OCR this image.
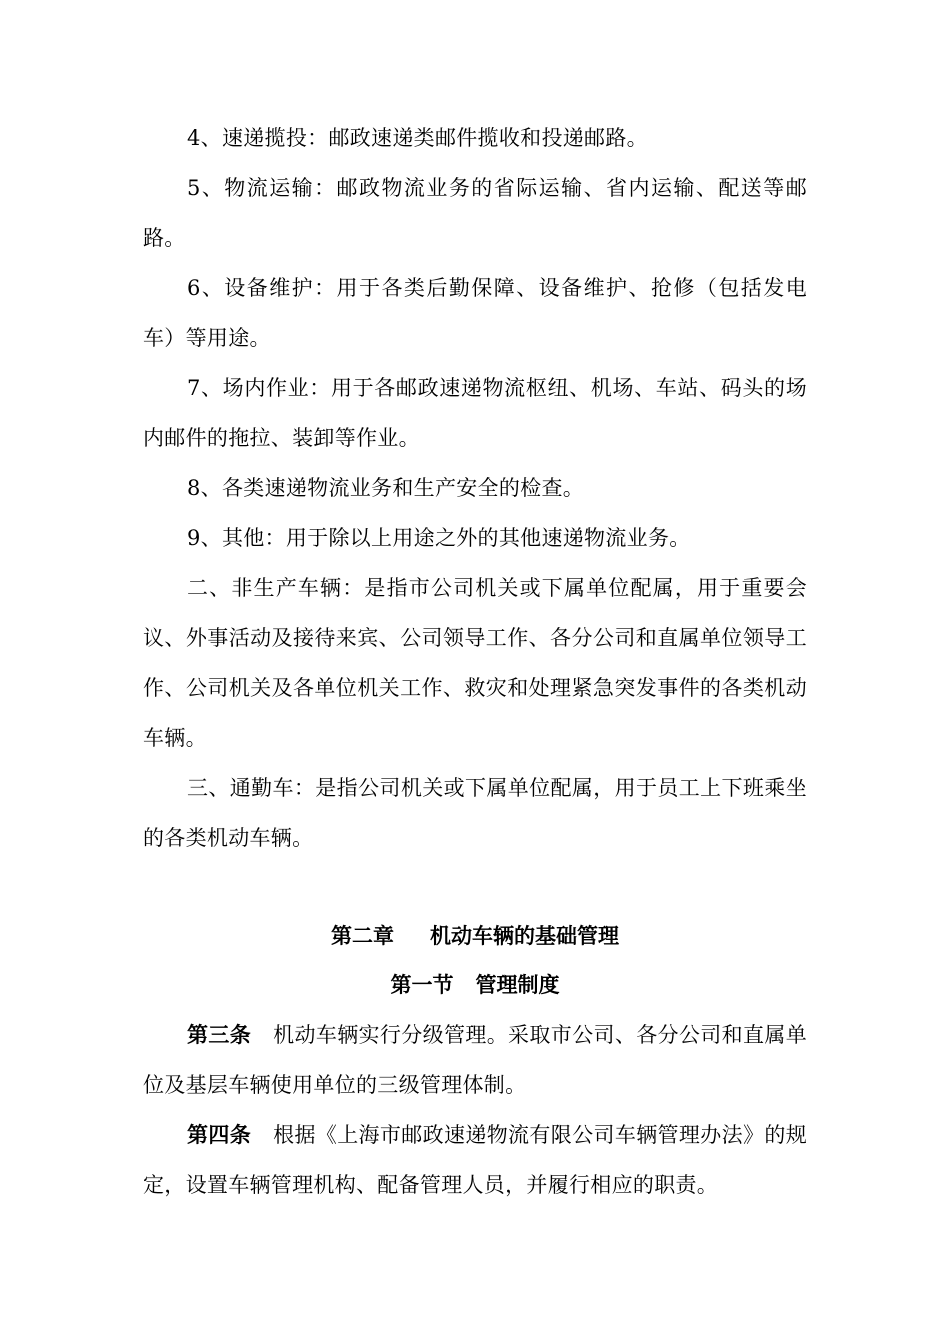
4、速递揽投：邮政速递类邮件揽收和投递邮路。

5、物流运输：邮政物流业务的省际运输、省内运输、配送等邮路。

6、设备维护：用于各类后勤保障、设备维护、抢修（包括发电车）等用途。

7、场内作业：用于各邮政速递物流枢纽、机场、车站、码头的场内邮件的拖拉、装卸等作业。

8、各类速递物流业务和生产安全的检查。

9、其他：用于除以上用途之外的其他速递物流业务。

二、非生产车辆：是指市公司机关或下属单位配属，用于重要会议、外事活动及接待来宾、公司领导工作、各分公司和直属单位领导工作、公司机关及各单位机关工作、救灾和处理紧急突发事件的各类机动车辆。

三、通勤车：是指公司机关或下属单位配属，用于员工上下班乘坐的各类机动车辆。

第二章 机动车辆的基础管理
第一节 管理制度

第三条 机动车辆实行分级管理。采取市公司、各分公司和直属单位及基层车辆使用单位的三级管理体制。

第四条 根据《上海市邮政速递物流有限公司车辆管理办法》的规定，设置车辆管理机构、配备管理人员，并履行相应的职责。
